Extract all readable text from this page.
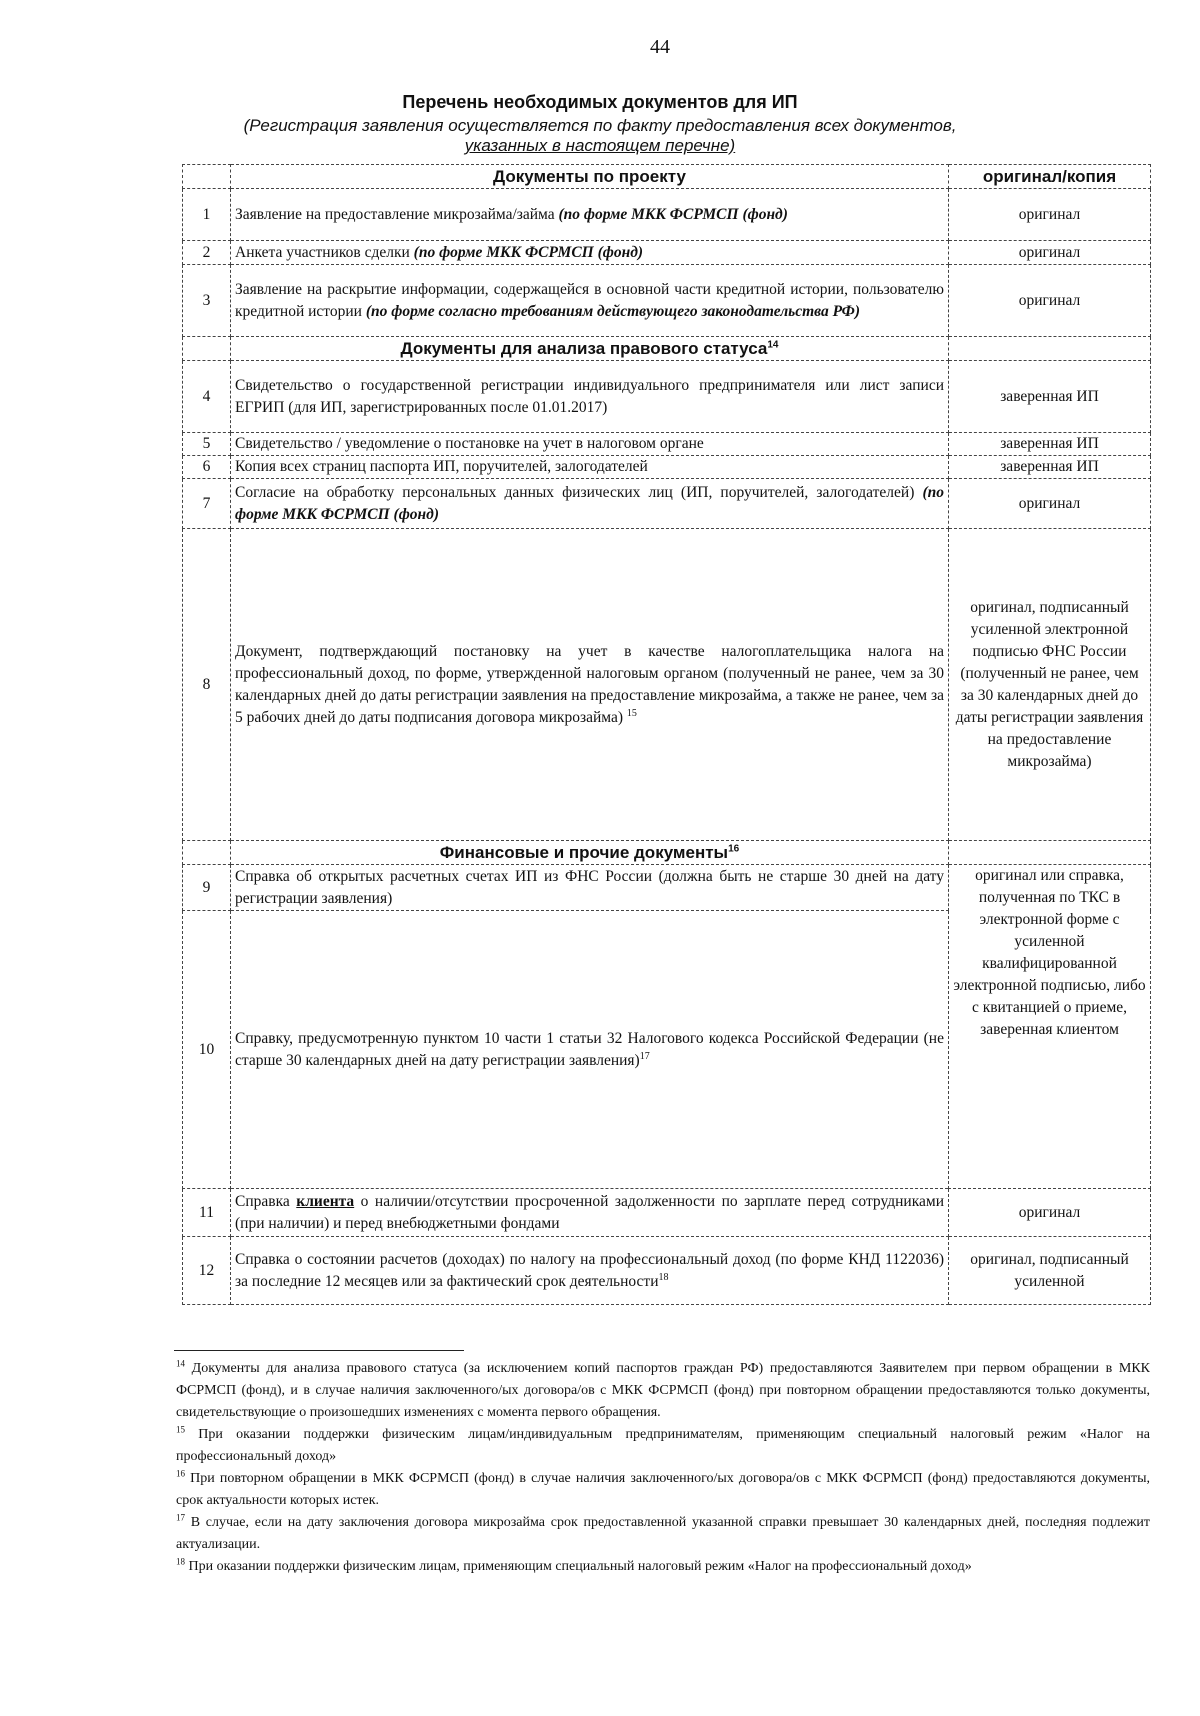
44
Перечень необходимых документов для ИП
(Регистрация заявления осуществляется по факту предоставления всех документов,
указанных в настоящем перечне)
	Документы по проекту	оригинал/копия
1	Заявление на предоставление микрозайма/займа (по форме МКК ФСРМСП (фонд)	оригинал
2	Анкета участников сделки (по форме МКК ФСРМСП (фонд)	оригинал
3	Заявление на раскрытие информации, содержащейся в основной части кредитной истории, пользователю кредитной истории (по форме согласно требованиям действующего законодательства РФ)	оригинал
	Документы для анализа правового статуса$^{14}$	
4	Свидетельство о государственной регистрации индивидуального предпринимателя или лист записи ЕГРИП (для ИП, зарегистрированных после 01.01.2017)	заверенная ИП
5	Свидетельство / уведомление о постановке на учет в налоговом органе	заверенная ИП
6	Копия всех страниц паспорта ИП, поручителей, залогодателей	заверенная ИП
7	Согласие на обработку персональных данных физических лиц (ИП, поручителей, залогодателей) (по форме МКК ФСРМСП (фонд)	оригинал
8	Документ, подтверждающий постановку на учет в качестве налогоплательщика налога на профессиональный доход, по форме, утвержденной налоговым органом (полученный не ранее, чем за 30 календарных дней до даты регистрации заявления на предоставление микрозайма, а также не ранее, чем за 5 рабочих дней до даты подписания договора микрозайма) $^{15}$	оригинал, подписанный усиленной электронной подписью ФНС России (полученный не ранее, чем за 30 календарных дней до даты регистрации заявления на предоставление микрозайма)
	Финансовые и прочие документы$^{16}$	
9	Справка об открытых расчетных счетах ИП из ФНС России (должна быть не старше 30 дней на дату регистрации заявления)	оригинал или справка, полученная по ТКС в электронной форме с усиленной квалифицированной электронной подписью, либо с квитанцией о приеме, заверенная клиентом
10	Справку, предусмотренную пунктом 10 части 1 статьи 32 Налогового кодекса Российской Федерации (не старше 30 календарных дней на дату регистрации заявления)$^{17}$
11	Справка клиента о наличии/отсутствии просроченной задолженности по зарплате перед сотрудниками (при наличии) и перед внебюджетными фондами	оригинал
12	Справка о состоянии расчетов (доходах) по налогу на профессиональный доход (по форме КНД 1122036) за последние 12 месяцев или за фактический срок деятельности$^{18}$	оригинал, подписанный усиленной

$^{14}$ Документы для анализа правового статуса (за исключением копий паспортов граждан РФ) предоставляются Заявителем при первом обращении в МКК ФСРМСП (фонд), и в случае наличия заключенного/ых договора/ов с МКК ФСРМСП (фонд) при повторном обращении предоставляются только документы, свидетельствующие о произошедших изменениях с момента первого обращения.

$^{15}$ При оказании поддержки физическим лицам/индивидуальным предпринимателям, применяющим специальный налоговый режим «Налог на профессиональный доход»

$^{16}$ При повторном обращении в МКК ФСРМСП (фонд) в случае наличия заключенного/ых договора/ов с МКК ФСРМСП (фонд) предоставляются документы, срок актуальности которых истек.

$^{17}$ В случае, если на дату заключения договора микрозайма срок предоставленной указанной справки превышает 30 календарных дней, последняя подлежит актуализации.

$^{18}$ При оказании поддержки физическим лицам, применяющим специальный налоговый режим «Налог на профессиональный доход»
